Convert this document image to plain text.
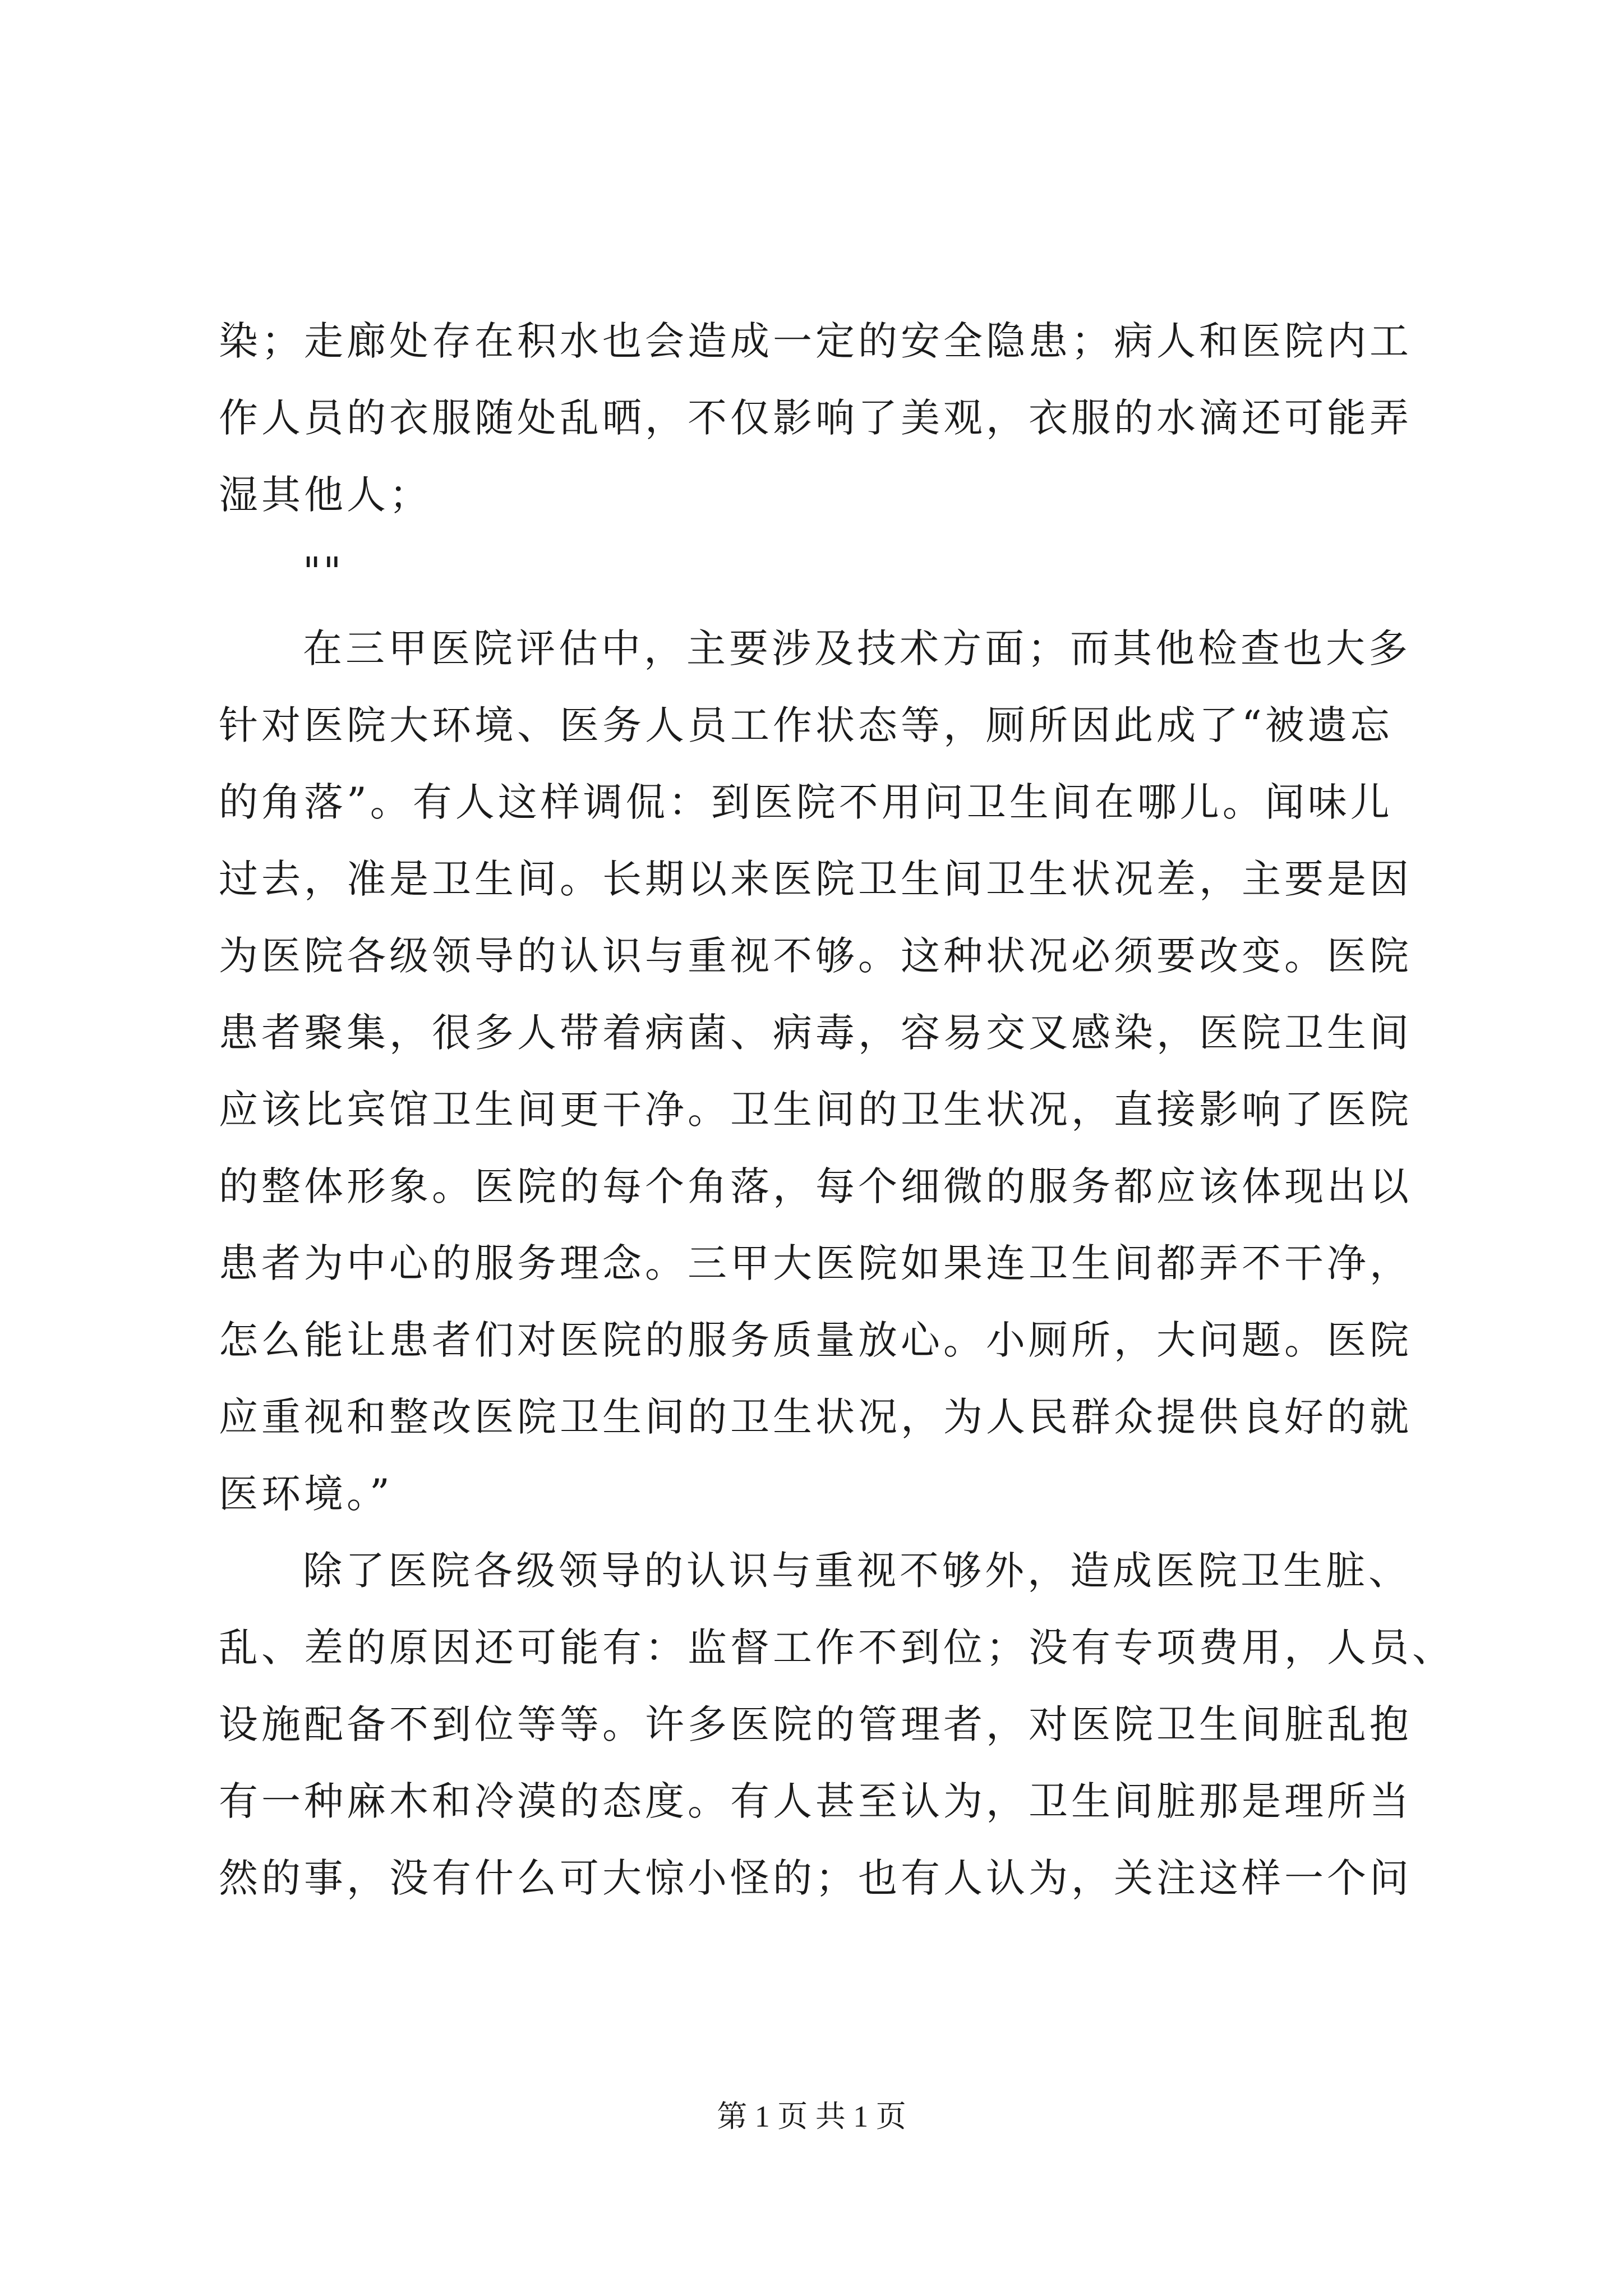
染；走廊处存在积水也会造成一定的安全隐患；病人和医院内工
作人员的衣服随处乱晒，不仅影响了美观，衣服的水滴还可能弄
湿其他人；
""
在三甲医院评估中，主要涉及技术方面；而其他检查也大多
针对医院大环境、医务人员工作状态等，厕所因此成了“被遗忘
的角落”。有人这样调侃：到医院不用问卫生间在哪儿。闻味儿
过去，准是卫生间。长期以来医院卫生间卫生状况差，主要是因
为医院各级领导的认识与重视不够。这种状况必须要改变。医院
患者聚集，很多人带着病菌、病毒，容易交叉感染，医院卫生间
应该比宾馆卫生间更干净。卫生间的卫生状况，直接影响了医院
的整体形象。医院的每个角落，每个细微的服务都应该体现出以
患者为中心的服务理念。三甲大医院如果连卫生间都弄不干净，
怎么能让患者们对医院的服务质量放心。小厕所，大问题。医院
应重视和整改医院卫生间的卫生状况，为人民群众提供良好的就
医环境。”
除了医院各级领导的认识与重视不够外，造成医院卫生脏、
乱、差的原因还可能有：监督工作不到位；没有专项费用，人员、
设施配备不到位等等。许多医院的管理者，对医院卫生间脏乱抱
有一种麻木和冷漠的态度。有人甚至认为，卫生间脏那是理所当
然的事，没有什么可大惊小怪的；也有人认为，关注这样一个问
第 1 页 共 1 页
